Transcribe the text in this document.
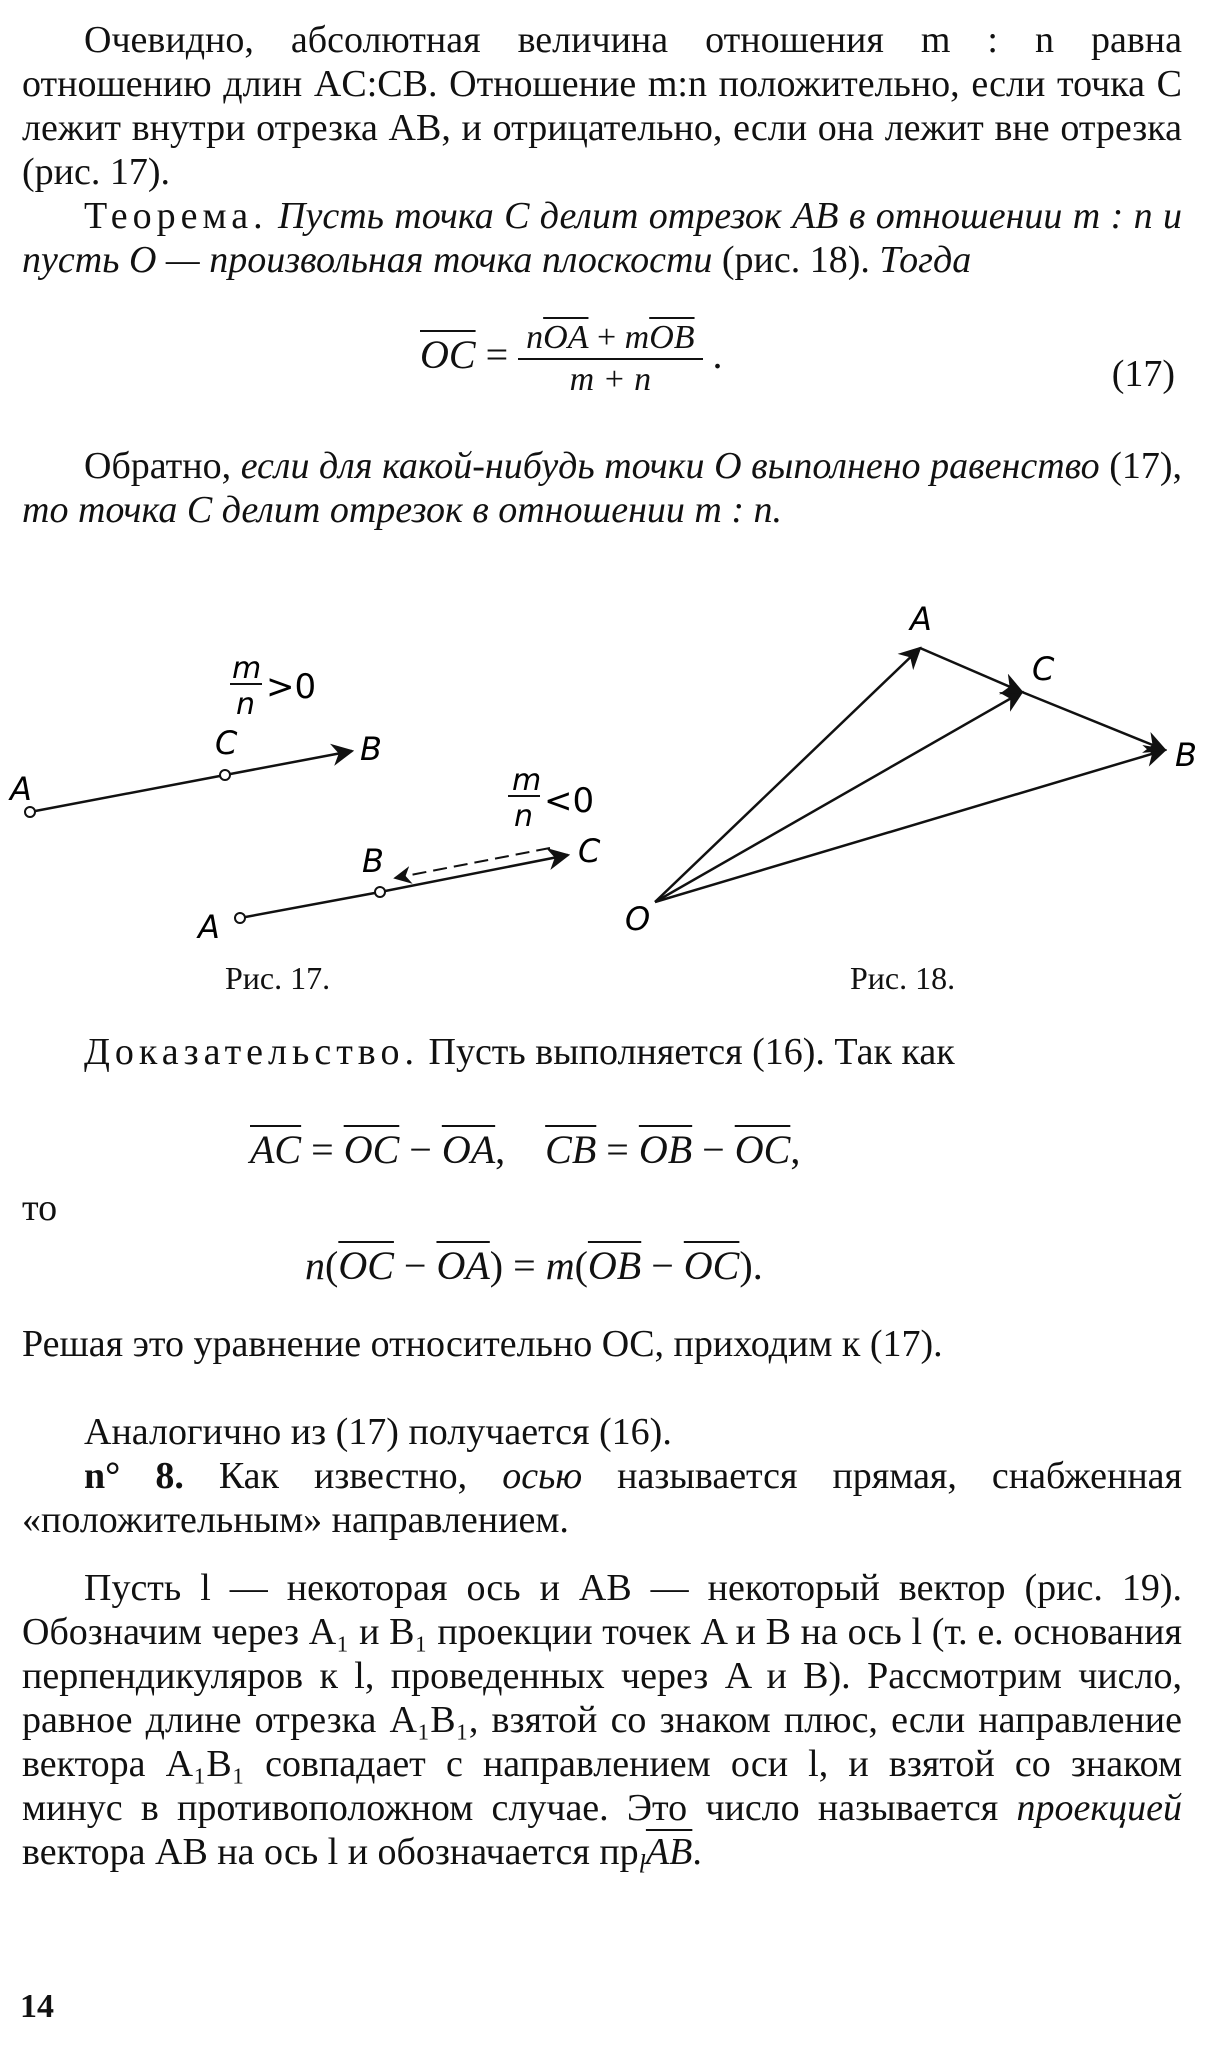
Очевидно, абсолютная величина отношения m : n равна отношению длин AC:CB. Отношение m:n положительно, если точка C лежит внутри отрезка AB, и отрицательно, если она лежит вне отрезка (рис. 17).

Теорема. Пусть точка C делит отрезок AB в отношении m : n и пусть O — произвольная точка плоскости (рис. 18). Тогда

$\overline{OC} = \frac{n\overline{OA} + m\overline{OB}}{m + n}$ .	(17)

Обратно, если для какой-нибудь точки O выполнено равенство (17), то точка C делит отрезок в отношении m : n.

m
n >0
A
C	B
m
n <0
A
B	C
A
C
B
O
Рис. 17.	Рис. 18.

Доказательство. Пусть выполняется (16). Так как

$\overline{AC} = \overline{OC} - \overline{OA}$,    $\overline{CB} = \overline{OB} - \overline{OC}$,
то
$n(\overline{OC} - \overline{OA}) = m(\overline{OB} - \overline{OC})$.

Решая это уравнение относительно OC, приходим к (17).

Аналогично из (17) получается (16).

n° 8. Как известно, осью называется прямая, снабженная «положительным» направлением.

Пусть l — некоторая ось и AB — некоторый вектор (рис. 19). Обозначим через A₁ и B₁ проекции точек A и B на ось l (т. е. основания перпендикуляров к l, проведенных через A и B). Рассмотрим число, равное длине отрезка A₁B₁, взятой со знаком плюс, если направление вектора A₁B₁ совпадает с направлением оси l, и взятой со знаком минус в противоположном случае. Это число называется проекцией вектора AB на ось l и обозначается $пр_l\overline{AB}$.

14
